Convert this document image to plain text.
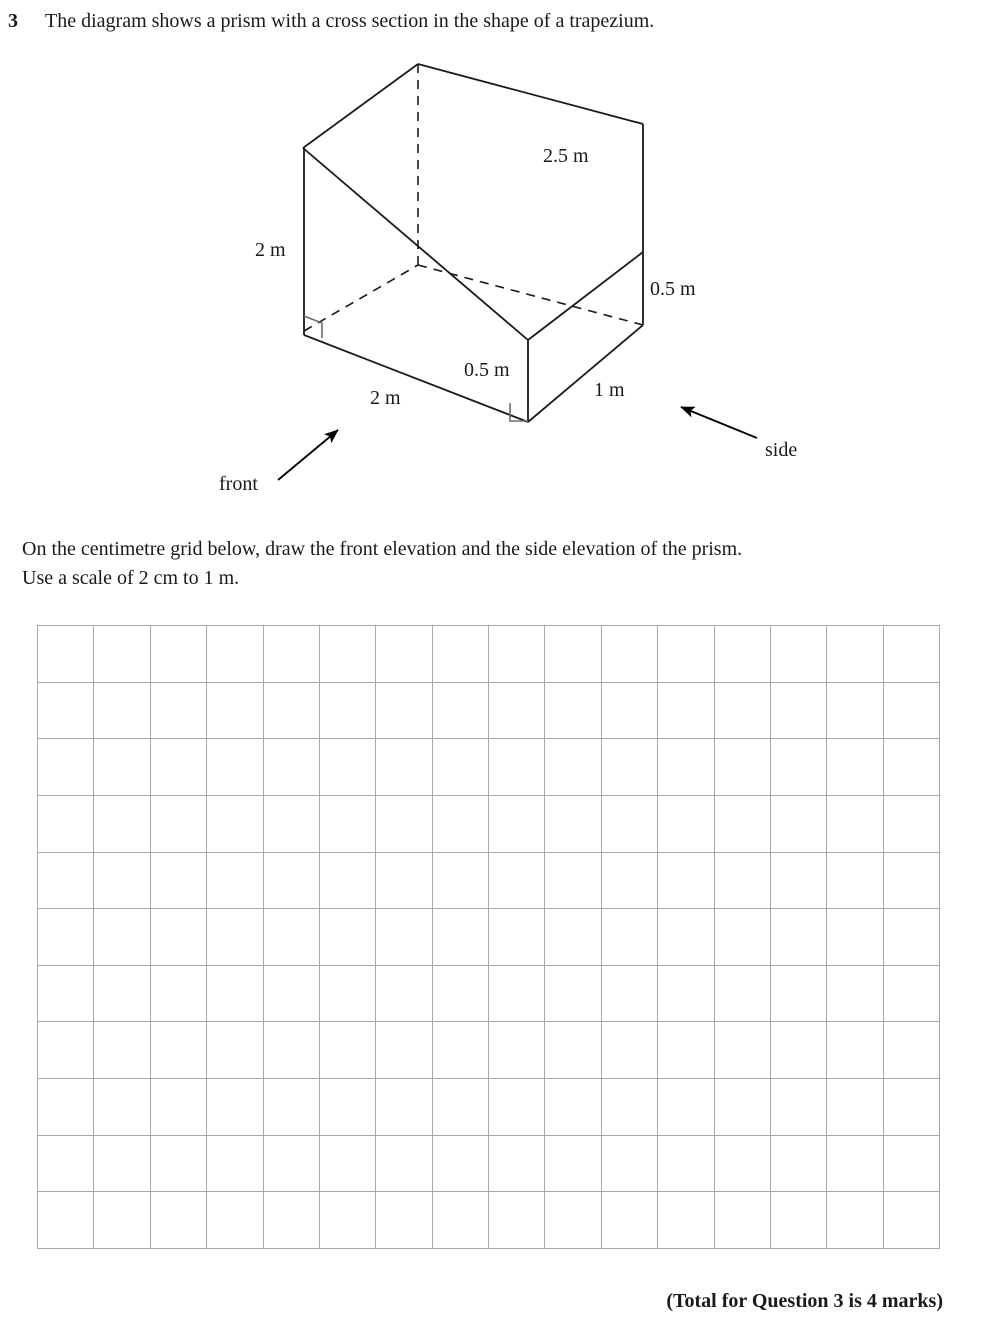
3 The diagram shows a prism with a cross section in the shape of a trapezium.
2 m
2.5 m
0.5 m
0.5 m
1 m
2 m
front
side
On the centimetre grid below, draw the front elevation and the side elevation of the prism.
Use a scale of 2 cm to 1 m.

(Total for Question 3 is 4 marks)
